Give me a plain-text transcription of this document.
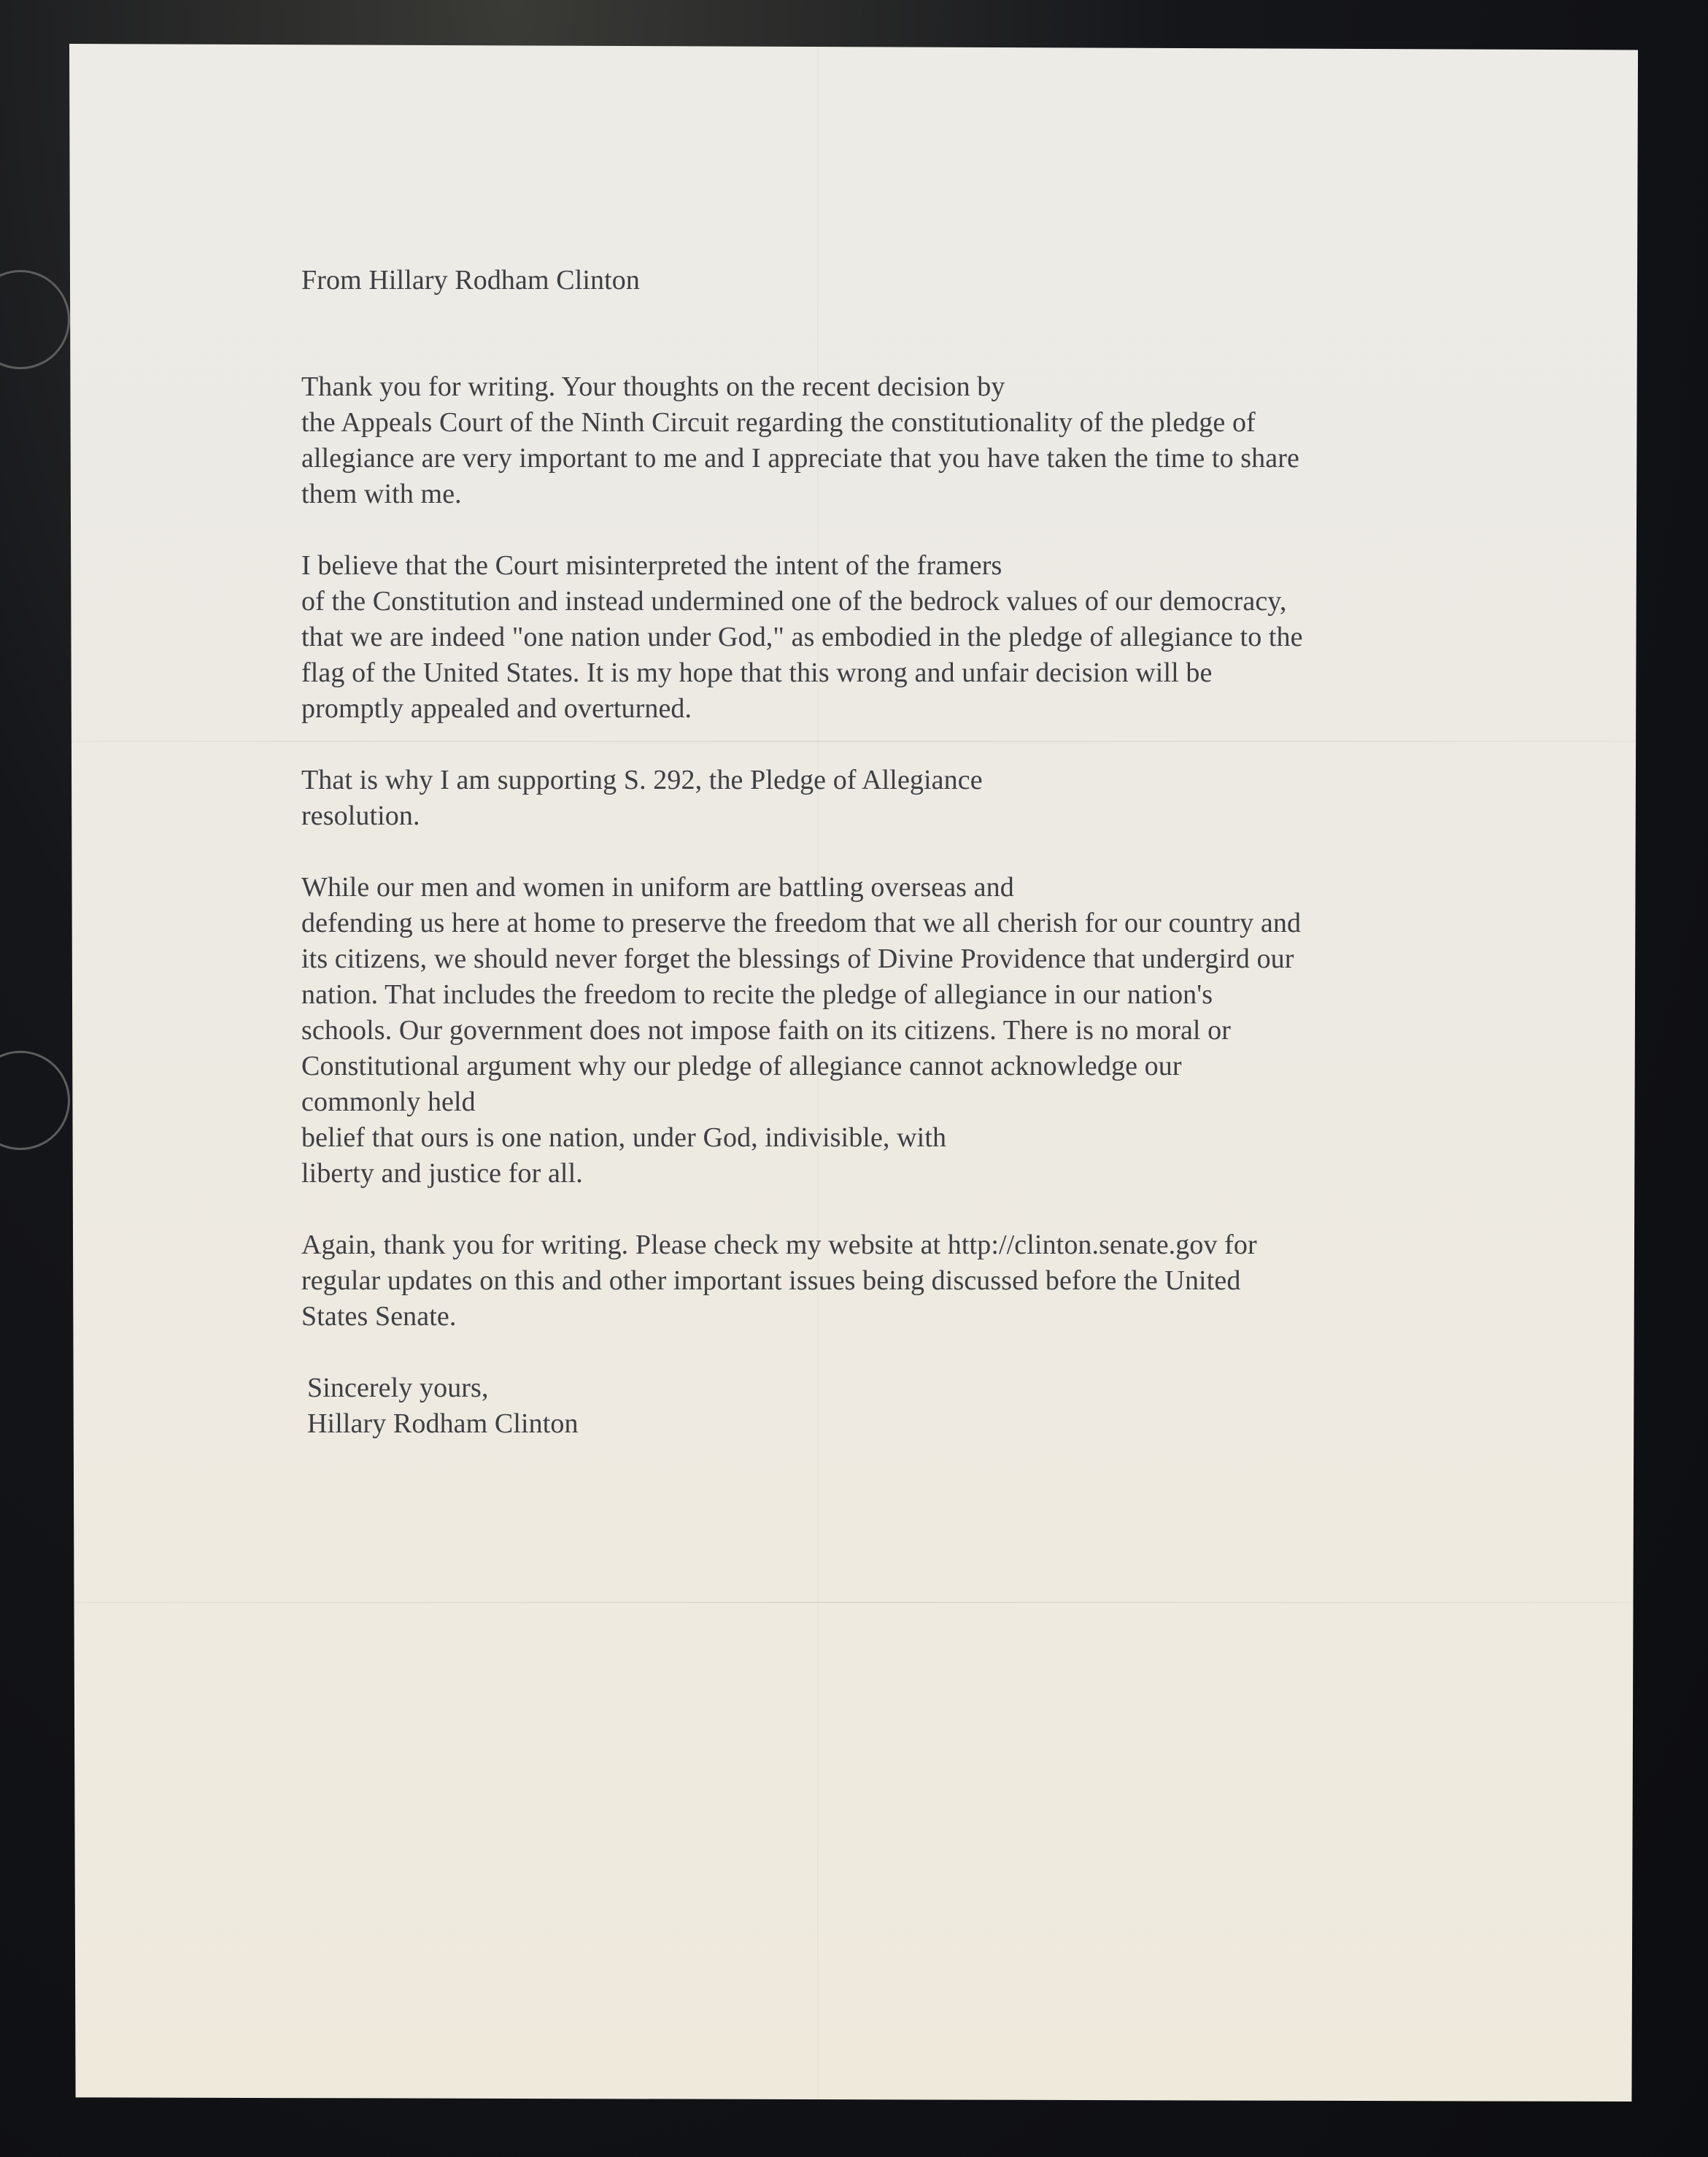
From Hillary Rodham Clinton
Thank you for writing. Your thoughts on the recent decision by
the Appeals Court of the Ninth Circuit regarding the constitutionality of the pledge of
allegiance are very important to me and I appreciate that you have taken the time to share
them with me.
I believe that the Court misinterpreted the intent of the framers
of the Constitution and instead undermined one of the bedrock values of our democracy,
that we are indeed "one nation under God," as embodied in the pledge of allegiance to the
flag of the United States. It is my hope that this wrong and unfair decision will be
promptly appealed and overturned.
That is why I am supporting S. 292, the Pledge of Allegiance
resolution.
While our men and women in uniform are battling overseas and
defending us here at home to preserve the freedom that we all cherish for our country and
its citizens, we should never forget the blessings of Divine Providence that undergird our
nation. That includes the freedom to recite the pledge of allegiance in our nation's
schools. Our government does not impose faith on its citizens. There is no moral or
Constitutional argument why our pledge of allegiance cannot acknowledge our
commonly held
belief that ours is one nation, under God, indivisible, with
liberty and justice for all.
Again, thank you for writing. Please check my website at http://clinton.senate.gov for
regular updates on this and other important issues being discussed before the United
States Senate.
Sincerely yours,
Hillary Rodham Clinton
